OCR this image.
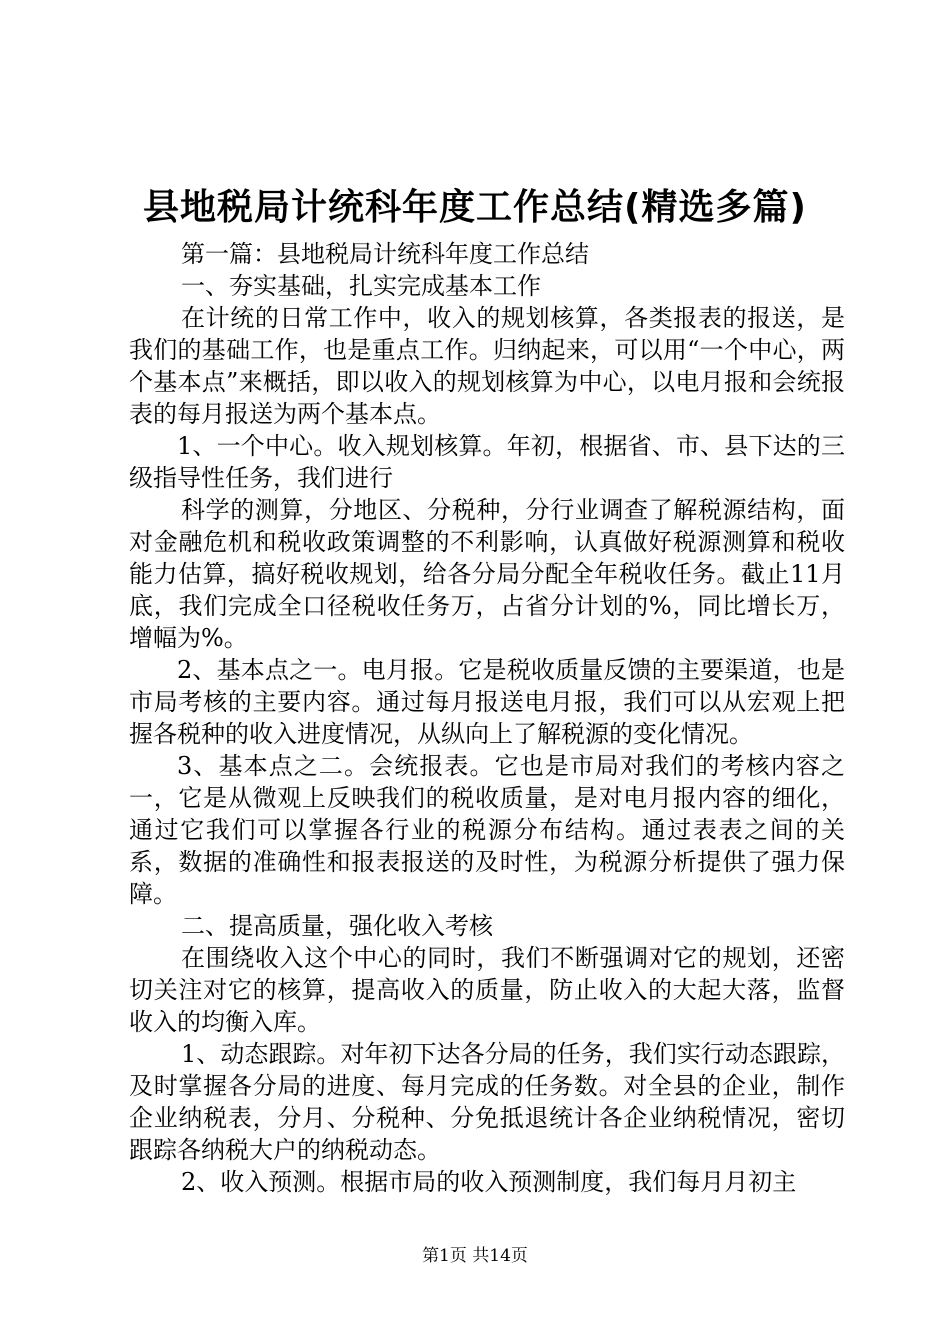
县地税局计统科年度工作总结(精选多篇)

第一篇：县地税局计统科年度工作总结

一、夯实基础，扎实完成基本工作

在计统的日常工作中，收入的规划核算，各类报表的报送，是我们的基础工作，也是重点工作。归纳起来，可以用“一个中心，两个基本点”来概括，即以收入的规划核算为中心，以电月报和会统报表的每月报送为两个基本点。

1、一个中心。收入规划核算。年初，根据省、市、县下达的三级指导性任务，我们进行

科学的测算，分地区、分税种，分行业调查了解税源结构，面对金融危机和税收政策调整的不利影响，认真做好税源测算和税收能力估算，搞好税收规划，给各分局分配全年税收任务。截止11月底，我们完成全口径税收任务万，占省分计划的%，同比增长万，增幅为%。

2、基本点之一。电月报。它是税收质量反馈的主要渠道，也是市局考核的主要内容。通过每月报送电月报，我们可以从宏观上把握各税种的收入进度情况，从纵向上了解税源的变化情况。

3、基本点之二。会统报表。它也是市局对我们的考核内容之一，它是从微观上反映我们的税收质量，是对电月报内容的细化，通过它我们可以掌握各行业的税源分布结构。通过表表之间的关系，数据的准确性和报表报送的及时性，为税源分析提供了强力保障。

二、提高质量，强化收入考核

在围绕收入这个中心的同时，我们不断强调对它的规划，还密切关注对它的核算，提高收入的质量，防止收入的大起大落，监督收入的均衡入库。

1、动态跟踪。对年初下达各分局的任务，我们实行动态跟踪，及时掌握各分局的进度、每月完成的任务数。对全县的企业，制作企业纳税表，分月、分税种、分免抵退统计各企业纳税情况，密切跟踪各纳税大户的纳税动态。

2、收入预测。根据市局的收入预测制度，我们每月月初主

第1页 共14页
